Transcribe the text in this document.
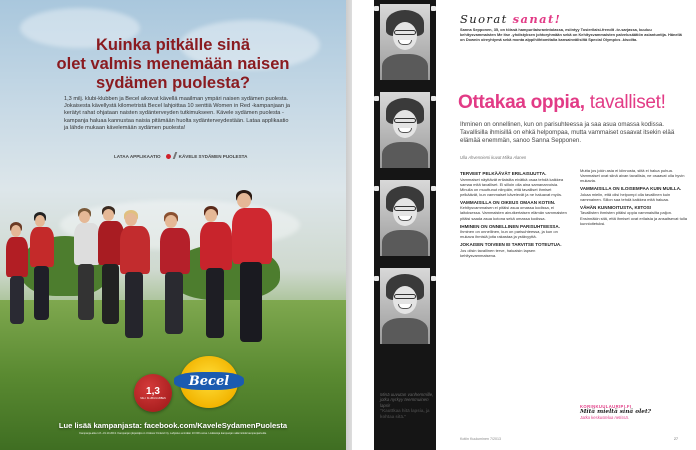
Kuinka pitkälle sinä
olet valmis menemään naisen
sydämen puolesta?

1,3 milj. klubi-klubben ja Becel aikovat kävellä maailman ympäri naisen sydämen puolesta. Jokaisesta kävellystä kilometristä Becel lahjoittaa 10 senttiä Women in Red -kampanjaan ja kerätyt rahat ohjataan naisten sydänterveyden tutkimukseen. Kävele sydämen puolesta -kampanja haluaa kannustaa naisia pitämään huolta sydänterveydestään. Lataa applikaatio ja lähde mukaan kävelemään sydämen puolesta!

LATAA APPLIKAATIO	KÄVELE SYDÄMEN PUOLESTA
1,3
MILJ. KLUBI-KLUBBEN
Becel
Lue lisää kampanjasta: facebook.com/KaveleSydamenPuolesta
Kampanja-aika 1.8.–31.10.2013. Kampanjan järjestäjä on Unilever Finland Oy. Lahjoitus enintään 10 000 euroa. Lisätietoja kampanjan säännöistä kampanjasivulla.
Minä uuvutan vanhemmille, jotka nyrkyy teemmuinen lapsi!
"Kauttkaa hitä lapsia, ja kohtaa sitä."
Suorat sanat!
Sanna Sepponen, 35, on töissä hampurilaisravintolassa, esiintyy Tosierilaisi-frendit -tv-sarjassa, kuuluu kehitysvammaisten Me itse -yhdistyksen johtoryhmään sekä on Kehitysvammaisten palvelusäätiön asiantuntija. Hänellä on Downin oireyhtymä sekä monta alppihiihtomitalia kansainvälisiltä Special Olympics -kisoilta.
Ottakaa oppia, tavalliset!
Ihminen on onnellinen, kun on parisuhteessa ja saa asua omassa kodissa. Tavallisilla ihmisillä on ehkä helpompaa, mutta vammaiset osaavat itsekin elää elämää enemmän, sanoo Sanna Sepponen.
Ulla Ahvenniemi kuvat Milka Alanen
TERVEET PELKÄÄVÄT ERILAISUUTTA.

Vammaiset näyttävät erilaisilta eivätkä osaa tehdä kaikkea samaa mitä tavalliset. Ei silloin olla aina samanarvoisia. Minulla on muuttunut niinpäin, että tavalliset ihmiset pelkäävät, kun vammaiset kävelevät ja ne haluavat myös.

VAMMAISILLA ON OIKEUS OMAAN KOTIIN.

Kehitysvammaisen ei pitäisi asua omassa kodissa, ei laitoksessa. Vammaisten ainutkertaisen elämän vammaisten pitäisi saada asua kotona sekä omassa kodissa.

IHMINEN ON ONNELLINEN PARISUHTEESSA.

Ihminen on onnellinen, kun on parisuhteessa, ja kun on mukava ihmisiä joita rakastaa ja ystävyyttä.

JOKAISEN TOIVEEN EI TARVITSE TOTEUTUA.

Jos olisin tavallinen terve, haluaisin lapsen kehitysvammaisena.

Mutta jos jokin asia ei kiinnosta, siitä ei halua puhua. Vammaiset ovat siinä aivan tavallisia, ne osaavat olla hyvin mukavia.

VAMMAISILLA ON ILOISEMPAA KUIN MUILLA.

Jokaa mielin, että olisi helpompi olla tavallinen kuin vammainen. Sillon saa tehdä kaikkea mitä haluaa.

VÄHÄN KUNNIOITUSTA, KIITOS!

Tavallisten ihmisten pitäisi oppia vammaisilta paljon. Ensinnäkin sitä, että ihmiset ovat erilaisia ja ansaitsevat tulla kunnioitetuksi.

KORINKUULAURIPI.FI
Mitä mieltä sinä olet?
Jatka keskustelua netissä.
Kotiin Kuuluminen 7/2013	27
